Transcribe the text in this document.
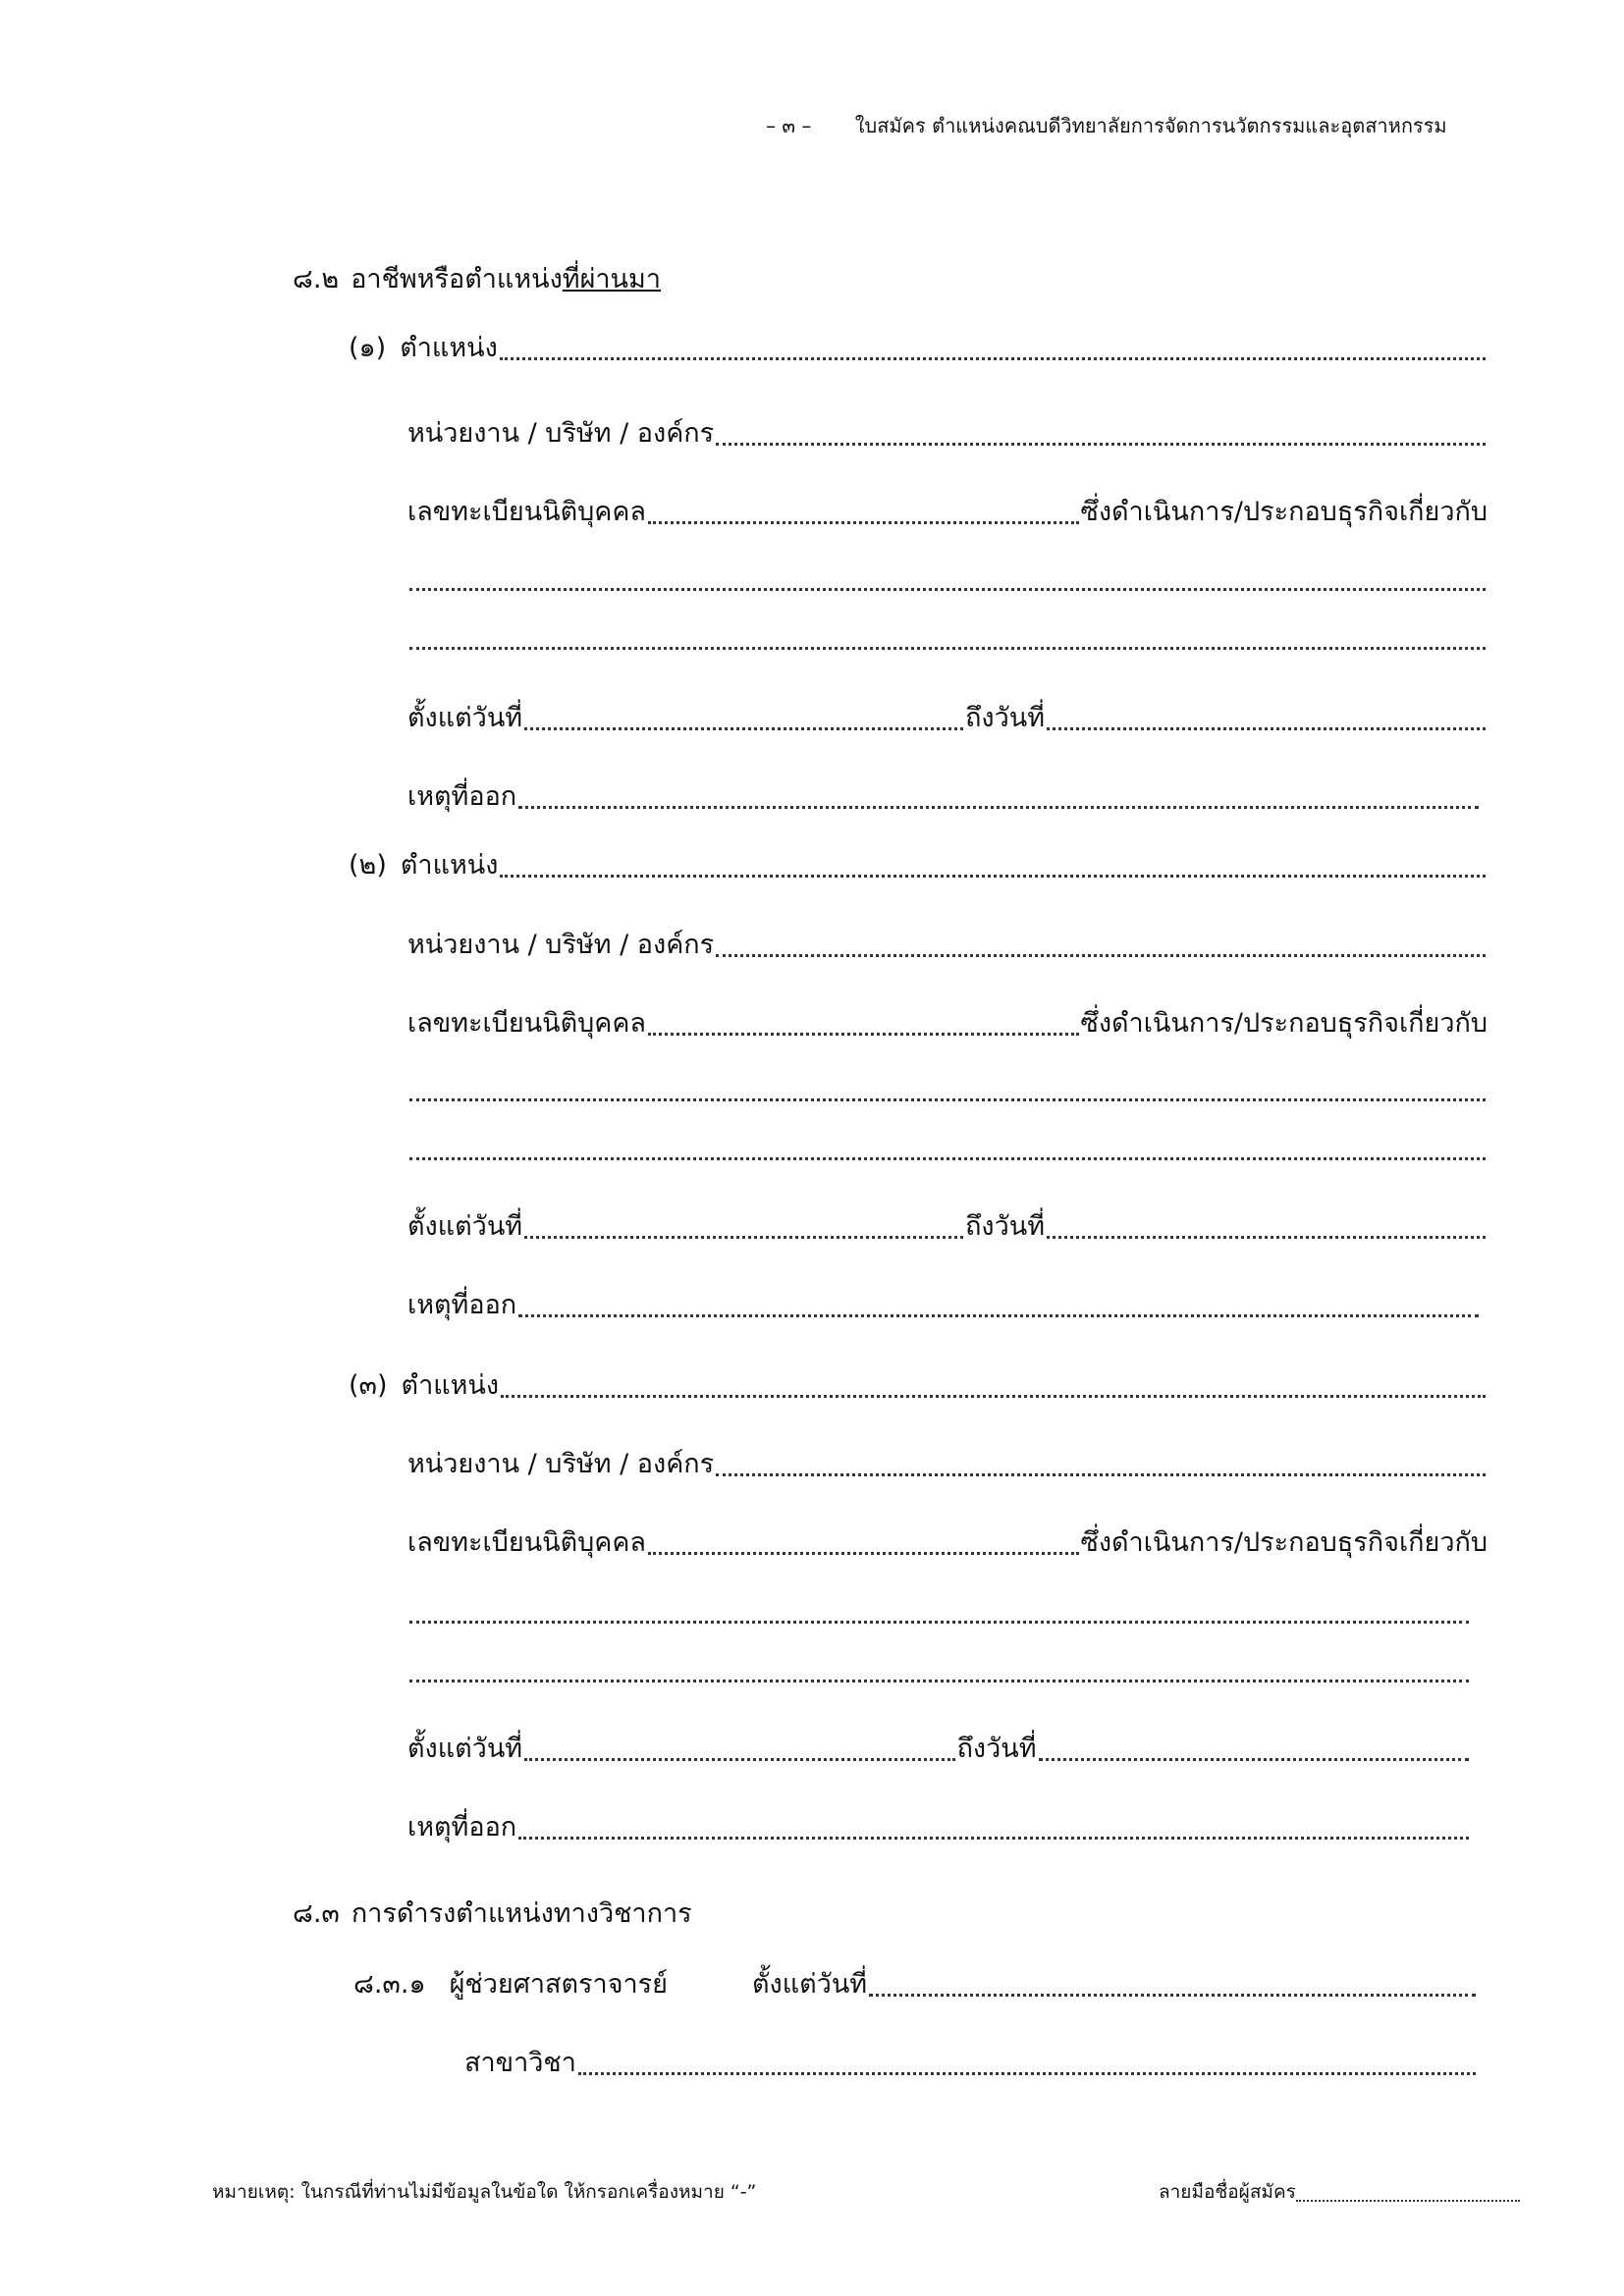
– ๓ – ใบสมัคร ตำแหน่งคณบดีวิทยาลัยการจัดการนวัตกรรมและอุตสาหกรรม
๘.๒ อาชีพหรือตำแหน่งที่ผ่านมา
(๑) ตำแหน่ง
หน่วยงาน / บริษัท / องค์กร
เลขทะเบียนนิติบุคคล	ซึ่งดำเนินการ/ประกอบธุรกิจเกี่ยวกับ
ตั้งแต่วันที่	ถึงวันที่
เหตุที่ออก
(๒) ตำแหน่ง
หน่วยงาน / บริษัท / องค์กร
เลขทะเบียนนิติบุคคล	ซึ่งดำเนินการ/ประกอบธุรกิจเกี่ยวกับ
ตั้งแต่วันที่	ถึงวันที่
เหตุที่ออก
(๓) ตำแหน่ง
หน่วยงาน / บริษัท / องค์กร
เลขทะเบียนนิติบุคคล	ซึ่งดำเนินการ/ประกอบธุรกิจเกี่ยวกับ
ตั้งแต่วันที่	ถึงวันที่
เหตุที่ออก
๘.๓ การดำรงตำแหน่งทางวิชาการ
๘.๓.๑ ผู้ช่วยศาสตราจารย์	ตั้งแต่วันที่
สาขาวิชา
หมายเหตุ: ในกรณีที่ท่านไม่มีข้อมูลในข้อใด ให้กรอกเครื่องหมาย “-”	ลายมือชื่อผู้สมัคร
